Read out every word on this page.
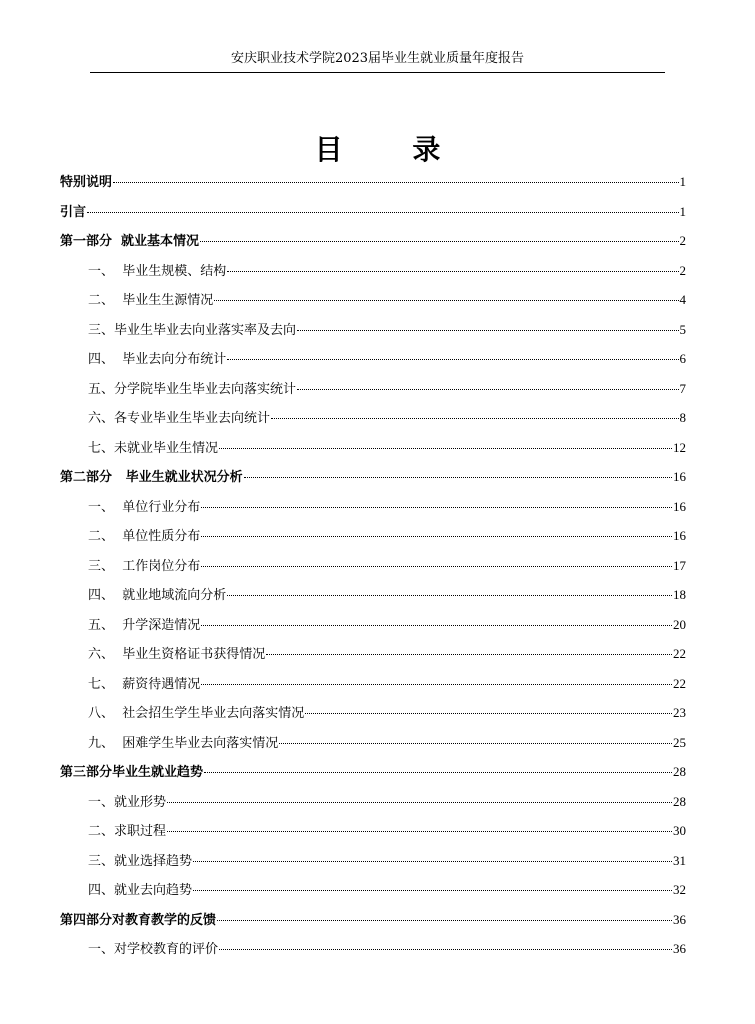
安庆职业技术学院2023届毕业生就业质量年度报告
目 录
特别说明	1
引言	1
第一部分  就业基本情况	2
一、  毕业生规模、结构	2
二、  毕业生生源情况	4
三、毕业生毕业去向业落实率及去向	5
四、  毕业去向分布统计	6
五、分学院毕业生毕业去向落实统计	7
六、各专业毕业生毕业去向统计	8
七、未就业毕业生情况	12
第二部分   毕业生就业状况分析	16
一、  单位行业分布	16
二、  单位性质分布	16
三、  工作岗位分布	17
四、  就业地域流向分析	18
五、  升学深造情况	20
六、  毕业生资格证书获得情况	22
七、  薪资待遇情况	22
八、  社会招生学生毕业去向落实情况	23
九、  困难学生毕业去向落实情况	25
第三部分毕业生就业趋势	28
一、就业形势	28
二、求职过程	30
三、就业选择趋势	31
四、就业去向趋势	32
第四部分对教育教学的反馈	36
一、对学校教育的评价	36
